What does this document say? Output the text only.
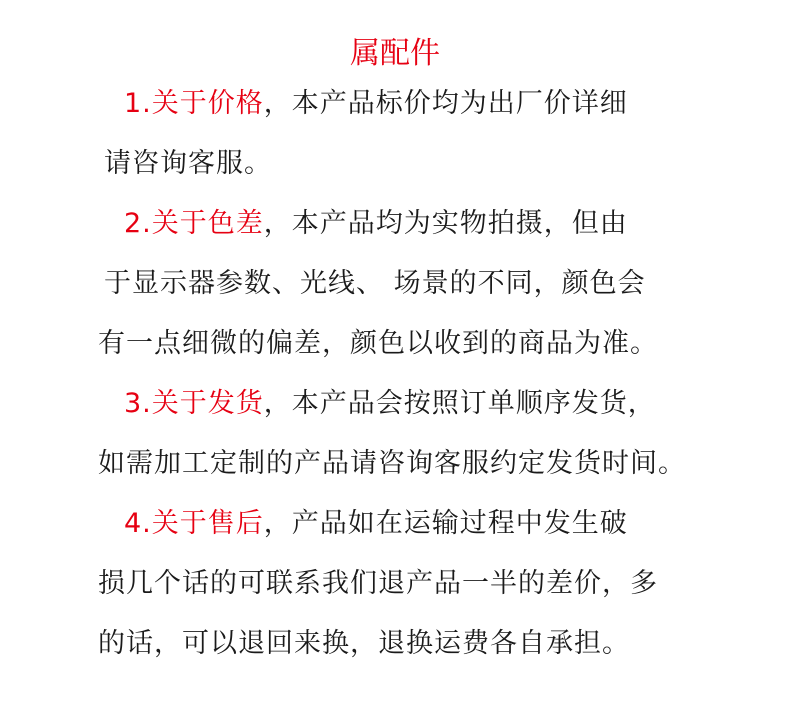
属配件
1.关于价格，本产品标价均为出厂价详细
请咨询客服。
2.关于色差，本产品均为实物拍摄，但由
于显示器参数、光线、 场景的不同，颜色会
有一点细微的偏差，颜色以收到的商品为准。
3.关于发货，本产品会按照订单顺序发货，
如需加工定制的产品请咨询客服约定发货时间。
4.关于售后，产品如在运输过程中发生破
损几个话的可联系我们退产品一半的差价，多
的话，可以退回来换，退换运费各自承担。
